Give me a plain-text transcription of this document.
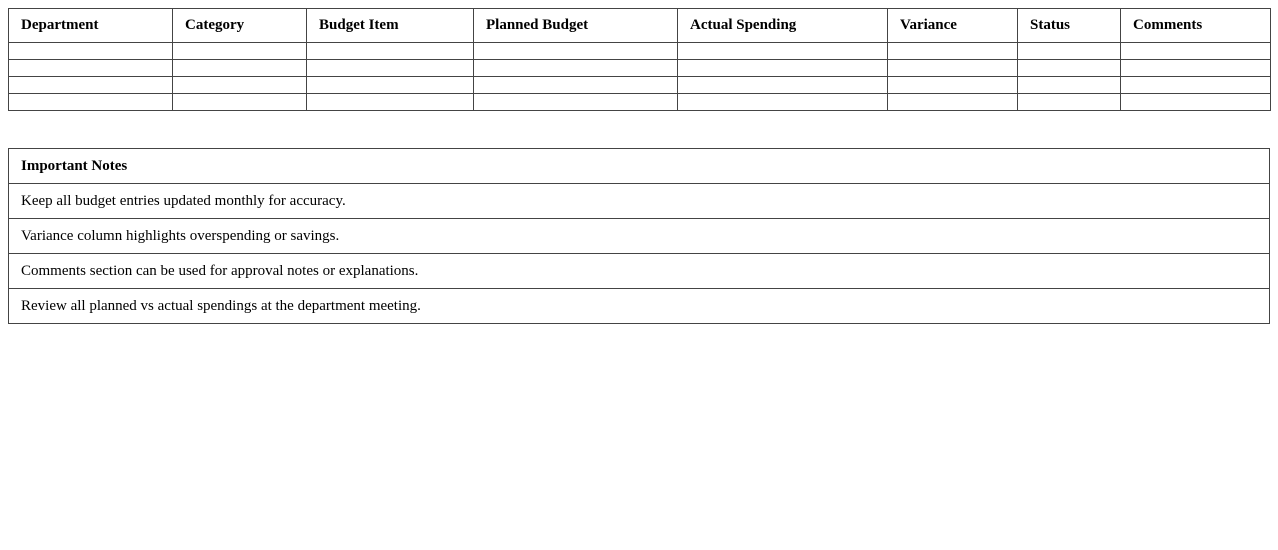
Department	Category	Budget Item	Planned Budget	Actual Spending	Variance	Status	Comments

Important Notes
Keep all budget entries updated monthly for accuracy.
Variance column highlights overspending or savings.
Comments section can be used for approval notes or explanations.
Review all planned vs actual spendings at the department meeting.
